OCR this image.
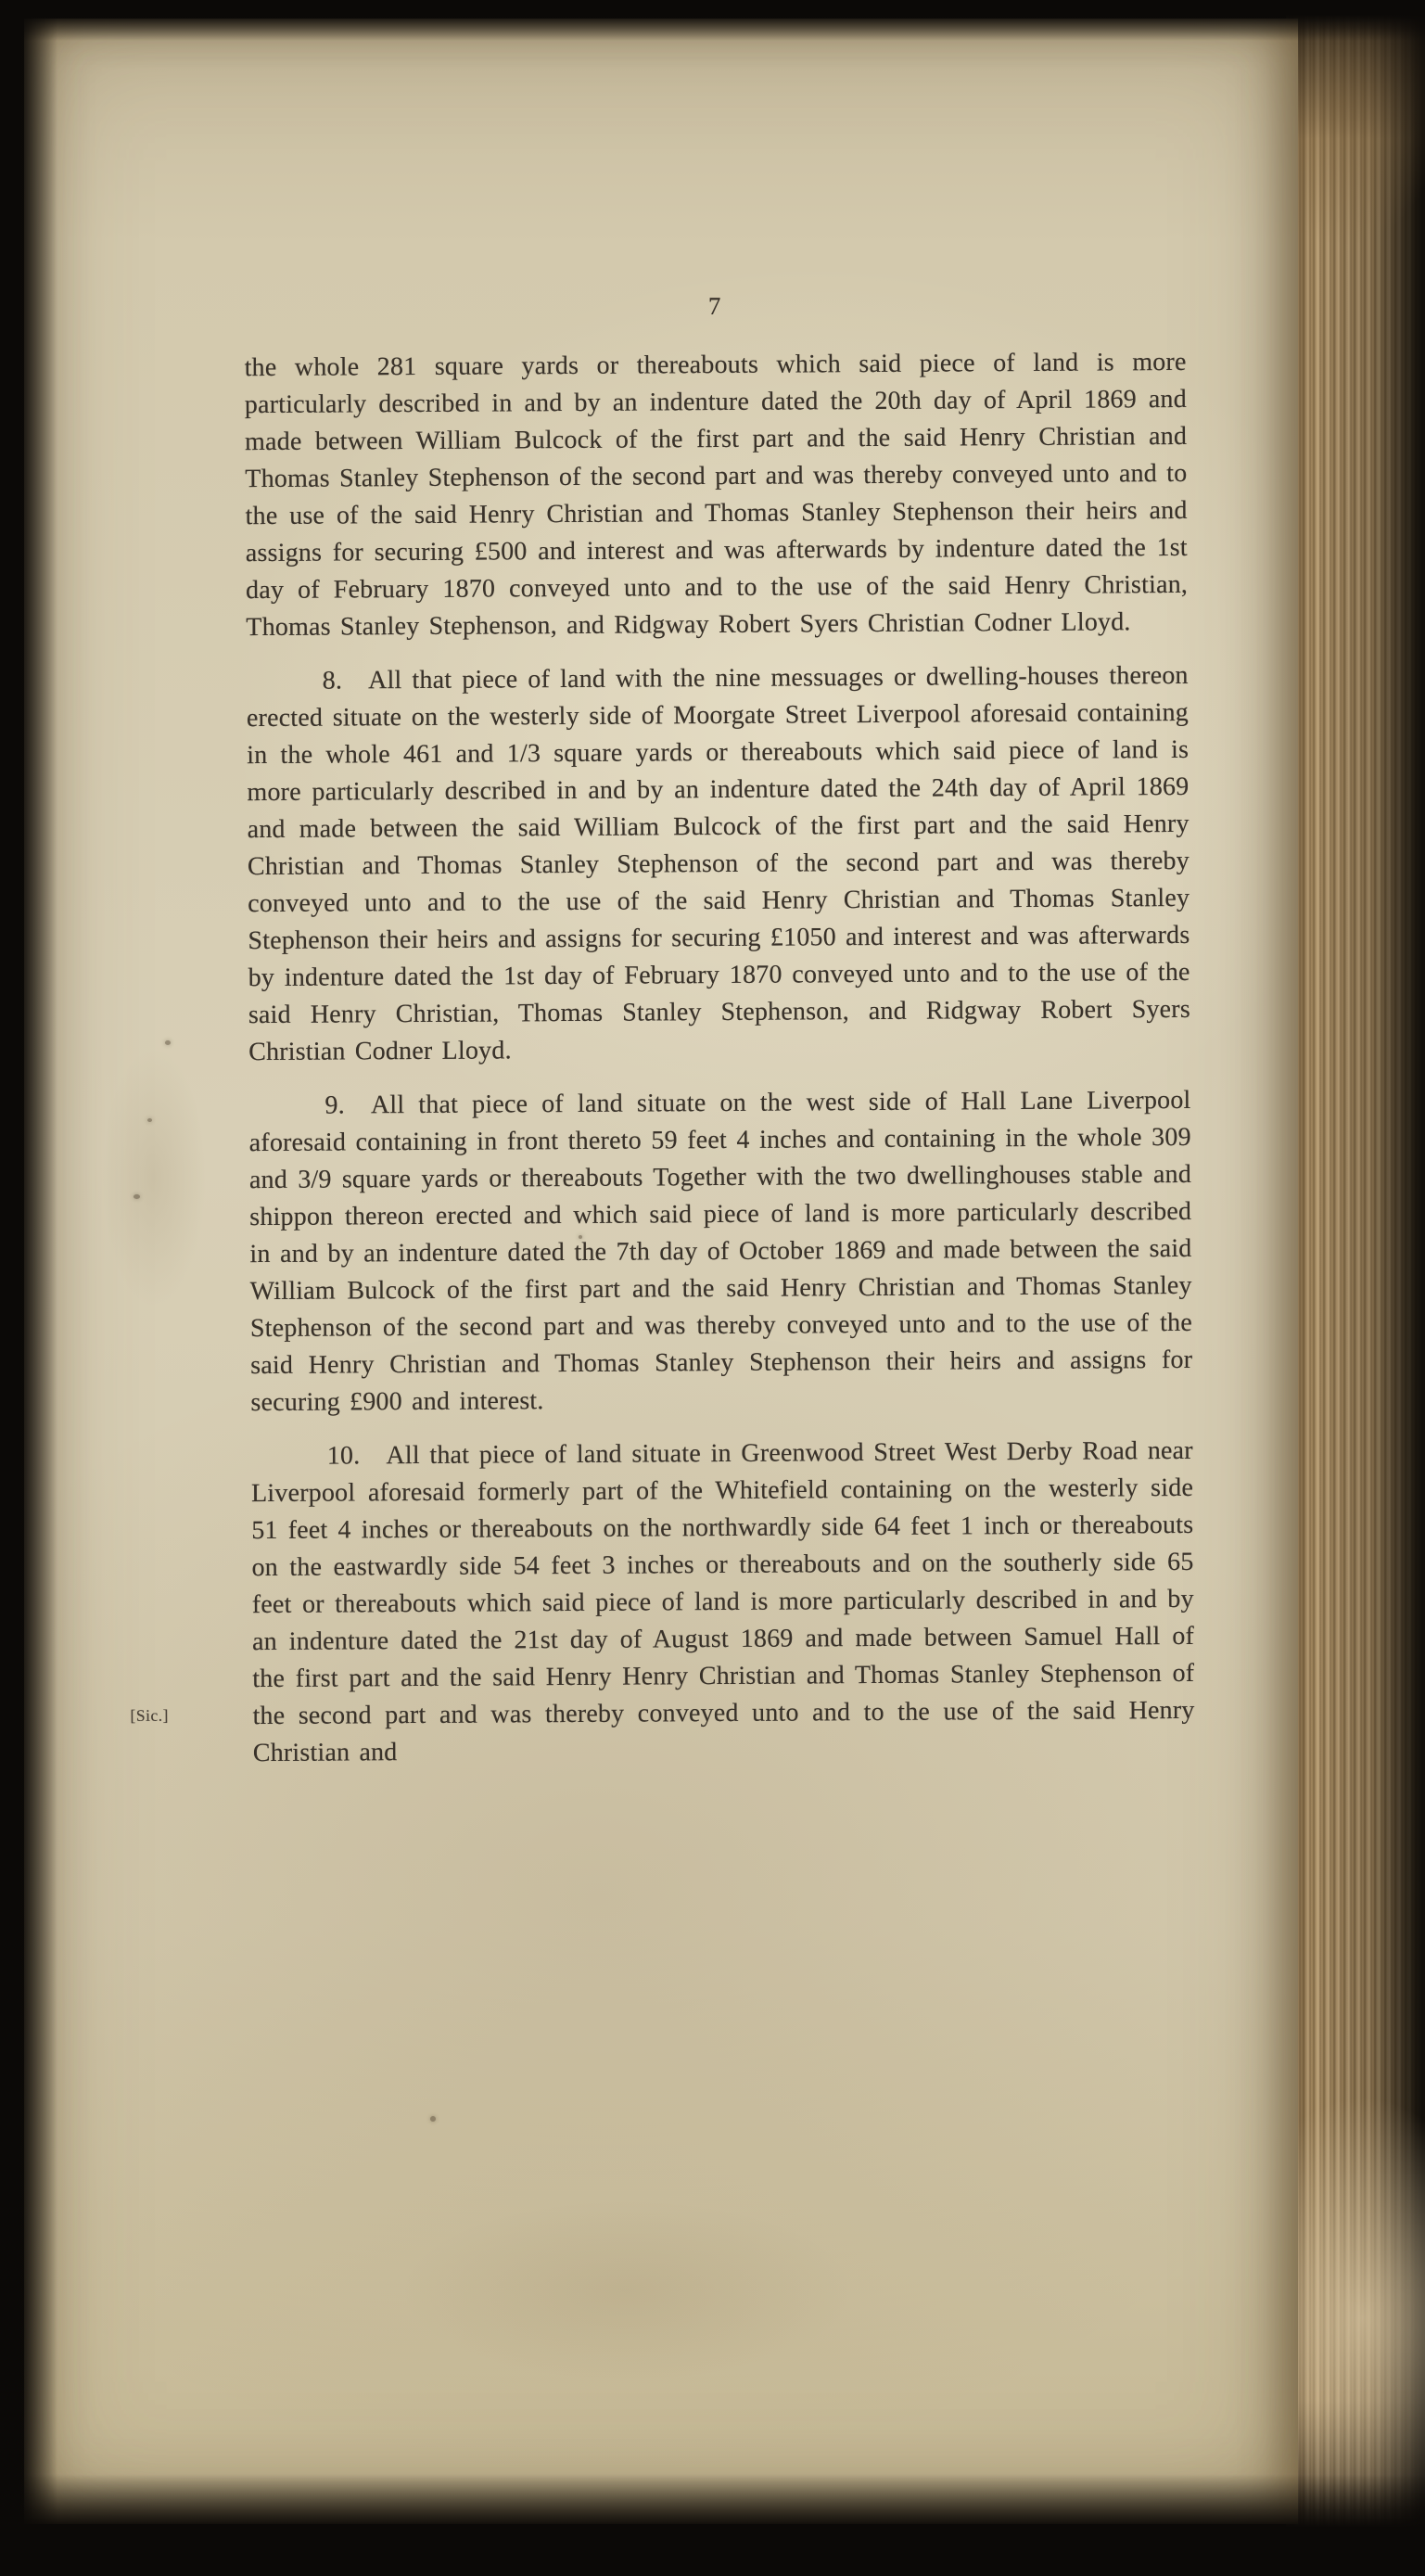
7

the whole 281 square yards or thereabouts which said piece of land is more particularly described in and by an indenture dated the 20th day of April 1869 and made between William Bulcock of the first part and the said Henry Christian and Thomas Stanley Stephenson of the second part and was thereby conveyed unto and to the use of the said Henry Christian and Thomas Stanley Stephenson their heirs and assigns for securing £500 and interest and was afterwards by indenture dated the 1st day of February 1870 conveyed unto and to the use of the said Henry Christian, Thomas Stanley Stephenson, and Ridgway Robert Syers Christian Codner Lloyd.

8. All that piece of land with the nine messuages or dwelling-houses thereon erected situate on the westerly side of Moorgate Street Liverpool aforesaid containing in the whole 461 and 1/3 square yards or thereabouts which said piece of land is more particularly described in and by an indenture dated the 24th day of April 1869 and made between the said William Bulcock of the first part and the said Henry Christian and Thomas Stanley Stephenson of the second part and was thereby conveyed unto and to the use of the said Henry Christian and Thomas Stanley Stephenson their heirs and assigns for securing £1050 and interest and was afterwards by indenture dated the 1st day of February 1870 conveyed unto and to the use of the said Henry Christian, Thomas Stanley Stephenson, and Ridgway Robert Syers Christian Codner Lloyd.

9. All that piece of land situate on the west side of Hall Lane Liverpool aforesaid containing in front thereto 59 feet 4 inches and containing in the whole 309 and 3/9 square yards or thereabouts Together with the two dwellinghouses stable and shippon thereon erected and which said piece of land is more particularly described in and by an indenture dated the 7th day of October 1869 and made between the said William Bulcock of the first part and the said Henry Christian and Thomas Stanley Stephenson of the second part and was thereby conveyed unto and to the use of the said Henry Christian and Thomas Stanley Stephenson their heirs and assigns for securing £900 and interest.

[Sic.]
10. All that piece of land situate in Greenwood Street West Derby Road near Liverpool aforesaid formerly part of the Whitefield containing on the westerly side 51 feet 4 inches or thereabouts on the northwardly side 64 feet 1 inch or thereabouts on the eastwardly side 54 feet 3 inches or thereabouts and on the southerly side 65 feet or thereabouts which said piece of land is more particularly described in and by an indenture dated the 21st day of August 1869 and made between Samuel Hall of the first part and the said Henry Henry Christian and Thomas Stanley Stephenson of the second part and was thereby conveyed unto and to the use of the said Henry Christian and
